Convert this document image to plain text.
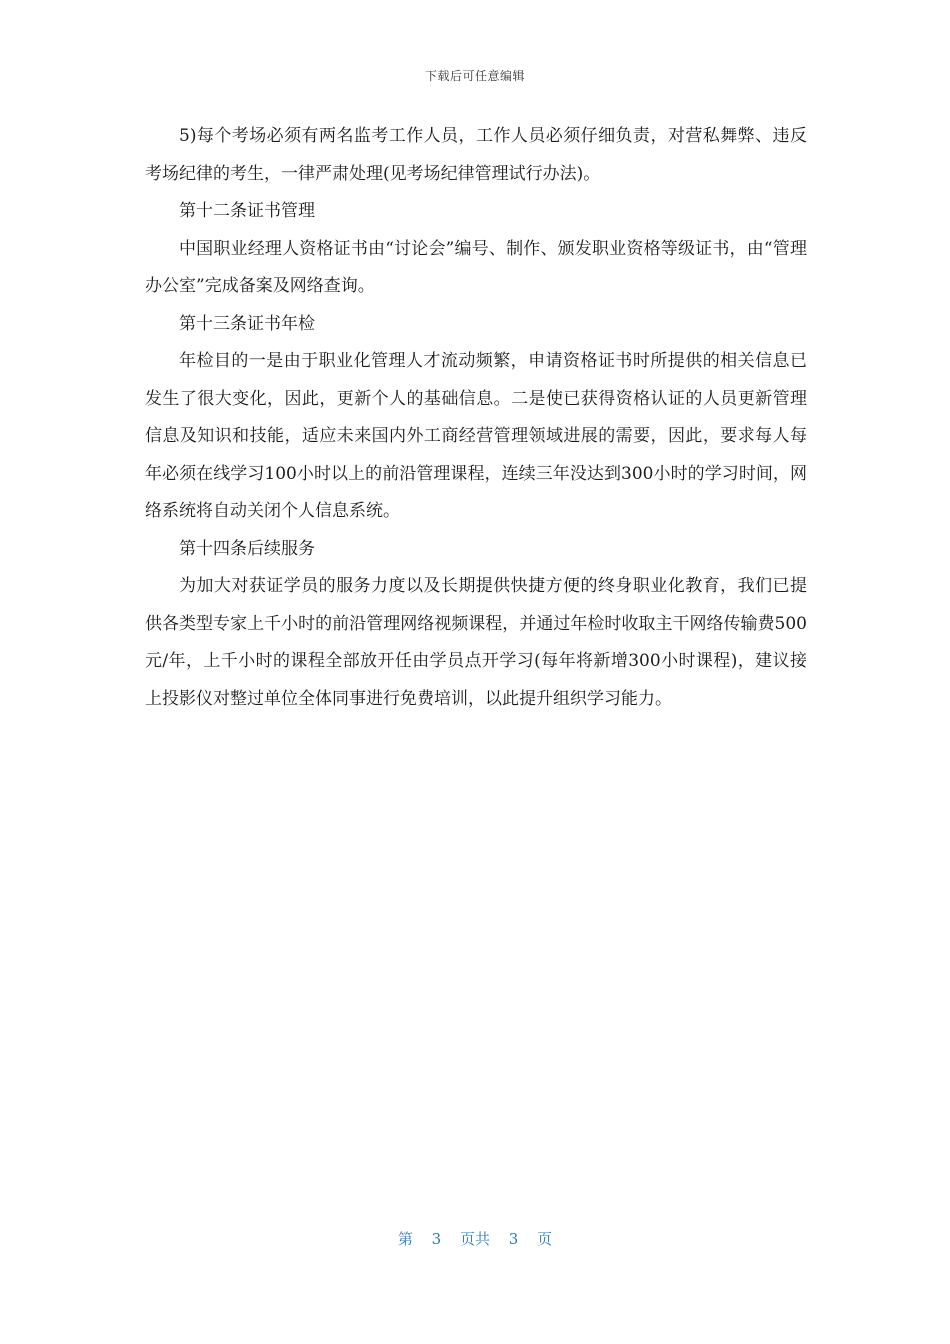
下载后可任意编辑

5)每个考场必须有两名监考工作人员，工作人员必须仔细负责，对营私舞弊、违反考场纪律的考生，一律严肃处理(见考场纪律管理试行办法)。

第十二条证书管理

中国职业经理人资格证书由“讨论会”编号、制作、颁发职业资格等级证书，由“管理办公室”完成备案及网络查询。

第十三条证书年检

年检目的一是由于职业化管理人才流动频繁，申请资格证书时所提供的相关信息已发生了很大变化，因此，更新个人的基础信息。二是使已获得资格认证的人员更新管理信息及知识和技能，适应未来国内外工商经营管理领域进展的需要，因此，要求每人每年必须在线学习100小时以上的前沿管理课程，连续三年没达到300小时的学习时间，网络系统将自动关闭个人信息系统。

第十四条后续服务

为加大对获证学员的服务力度以及长期提供快捷方便的终身职业化教育，我们已提供各类型专家上千小时的前沿管理网络视频课程，并通过年检时收取主干网络传输费500元/年，上千小时的课程全部放开任由学员点开学习(每年将新增300小时课程)，建议接上投影仪对整过单位全体同事进行免费培训，以此提升组织学习能力。

第 3 页共 3 页
